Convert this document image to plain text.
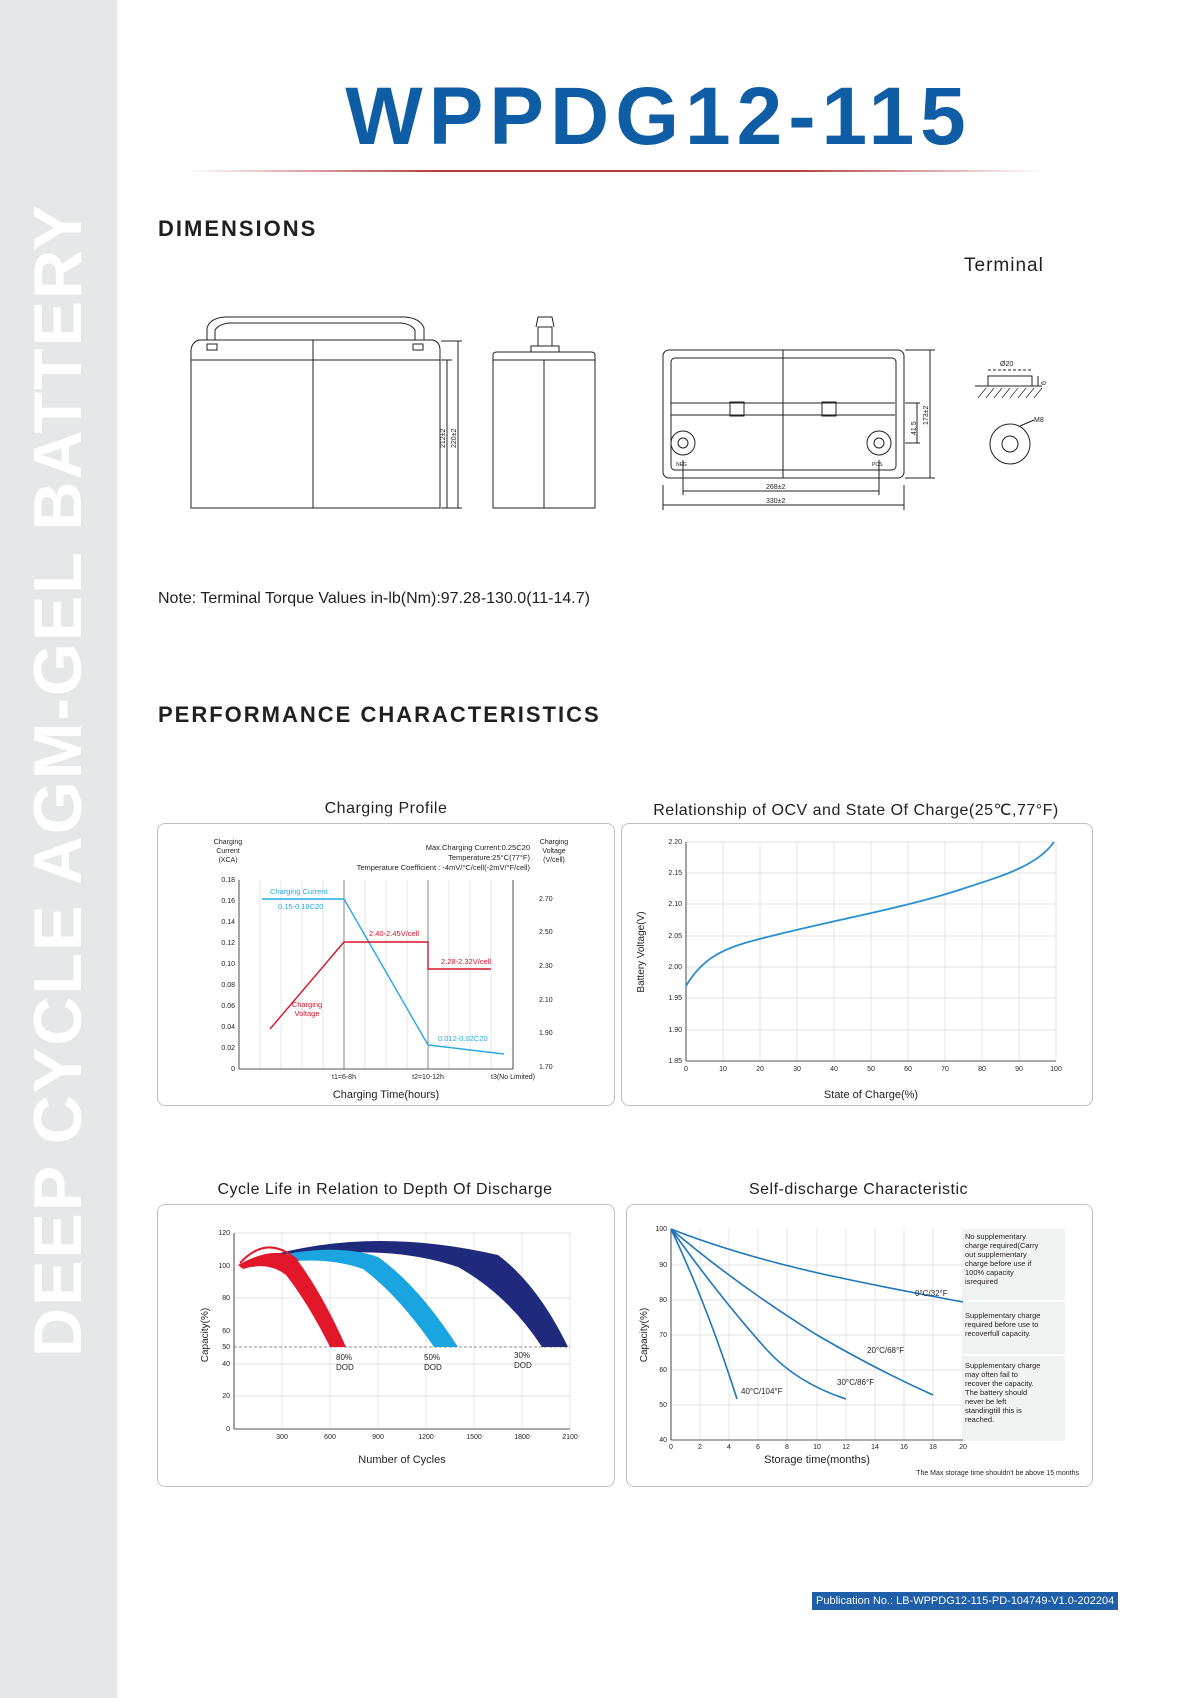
DEEP CYCLE AGM-GEL BATTERY
WPPDG12-115
DIMENSIONS
Terminal
212±2 220±2
268±2
330±2
41.5
173±2
Ø20
6
M8
NEG	POS
Note: Terminal Torque Values in-lb(Nm):97.28-130.0(11-14.7)
PERFORMANCE CHARACTERISTICS
Charging Profile
Charging
Current
(XCA)
Charging
Voltage
(V/cell)
Max.Charging Current:0.25C20
Temperature:25°C(77°F)
Temperature Coefficient : -4mV/°C/cell(-2mV/°F/cell)
0.18
0.16
0.14
0.12
0.10
0.08
0.06
0.04
0.02
0
2.70
2.50
2.30
2.10
1.90
1.70
t1=6-8h	t2=10-12h	t3(No Limited)
Charging Time(hours)
Charging Current
0.15-0.18C20
2.40-2.45V/cell
2.28-2.32V/cell
Charging
Voltage
0.012-0.02C20
Relationship of OCV and State Of Charge(25℃,77°F)
2.20
2.15
2.10
2.05
2.00
1.95
1.90
1.85
0	10	20	30	40	50	60	70	80	90	100
Battery Voltage(V)
State of Charge(%)
Cycle Life in Relation to Depth Of Discharge
120
100
80
60
50
40
20
0
300	600	900	1200	1500	1800	2100
Capacity(%)
Number of Cycles
80%
DOD
50%
DOD
30%
DOD
Self-discharge Characteristic
100
90
80
70
60
50
40
0	2	4	6	8	10	12	14	16	18	20
Capacity(%)
Storage time(months)
The Max storage time shouldn't be above 15 months
0°C/32°F
20°C/68°F
30°C/86°F
40°C/104°F
No supplementary
charge required(Carry
out supplementary
charge before use if
100% capacity
isrequired
Supplementary charge
required before use to
recoverfull capacity.
Supplementary charge
may often fail to
recover the capacity.
The battery should
never be left
standingtill this is
reached.
Publication No.: LB-WPPDG12-115-PD-104749-V1.0-202204
